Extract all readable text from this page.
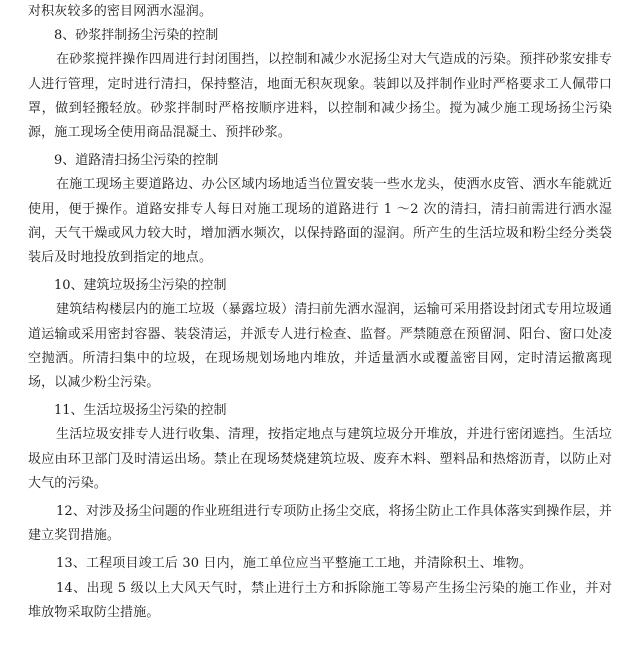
对积灰较多的密目网洒水湿润。

8、砂浆拌制扬尘污染的控制

在砂浆搅拌操作四周进行封闭围挡，以控制和减少水泥扬尘对大气造成的污染。预拌砂浆安排专人进行管理，定时进行清扫，保持整洁，地面无积灰现象。装卸以及拌制作业时严格要求工人佩带口罩，做到轻搬轻放。砂浆拌制时严格按顺序进料，以控制和减少扬尘。搅为减少施工现场扬尘污染源，施工现场全使用商品混凝土、预拌砂浆。

9、道路清扫扬尘污染的控制

在施工现场主要道路边、办公区域内场地适当位置安装一些水龙头，使洒水皮管、洒水车能就近使用，便于操作。道路安排专人每日对施工现场的道路进行 1 ～2 次的清扫，清扫前需进行洒水湿润，天气干燥或风力较大时，增加洒水频次，以保持路面的湿润。所产生的生活垃圾和粉尘经分类袋装后及时地投放到指定的地点。

10、建筑垃圾扬尘污染的控制

建筑结构楼层内的施工垃圾（暴露垃圾）清扫前先洒水湿润，运输可采用搭设封闭式专用垃圾通道运输或采用密封容器、装袋清运，并派专人进行检查、监督。严禁随意在预留洞、阳台、窗口处凌空抛洒。所清扫集中的垃圾，在现场规划场地内堆放，并适量洒水或覆盖密目网，定时清运撤离现场，以减少粉尘污染。

11、生活垃圾扬尘污染的控制

生活垃圾安排专人进行收集、清理，按指定地点与建筑垃圾分开堆放，并进行密闭遮挡。生活垃圾应由环卫部门及时清运出场。禁止在现场焚烧建筑垃圾、废弃木料、塑料品和热熔沥青，以防止对大气的污染。

12、对涉及扬尘问题的作业班组进行专项防止扬尘交底，将扬尘防止工作具体落实到操作层，并建立奖罚措施。

13、工程项目竣工后 30 日内，施工单位应当平整施工工地，并清除积土、堆物。

14、出现 5 级以上大风天气时，禁止进行土方和拆除施工等易产生扬尘污染的施工作业，并对堆放物采取防尘措施。
